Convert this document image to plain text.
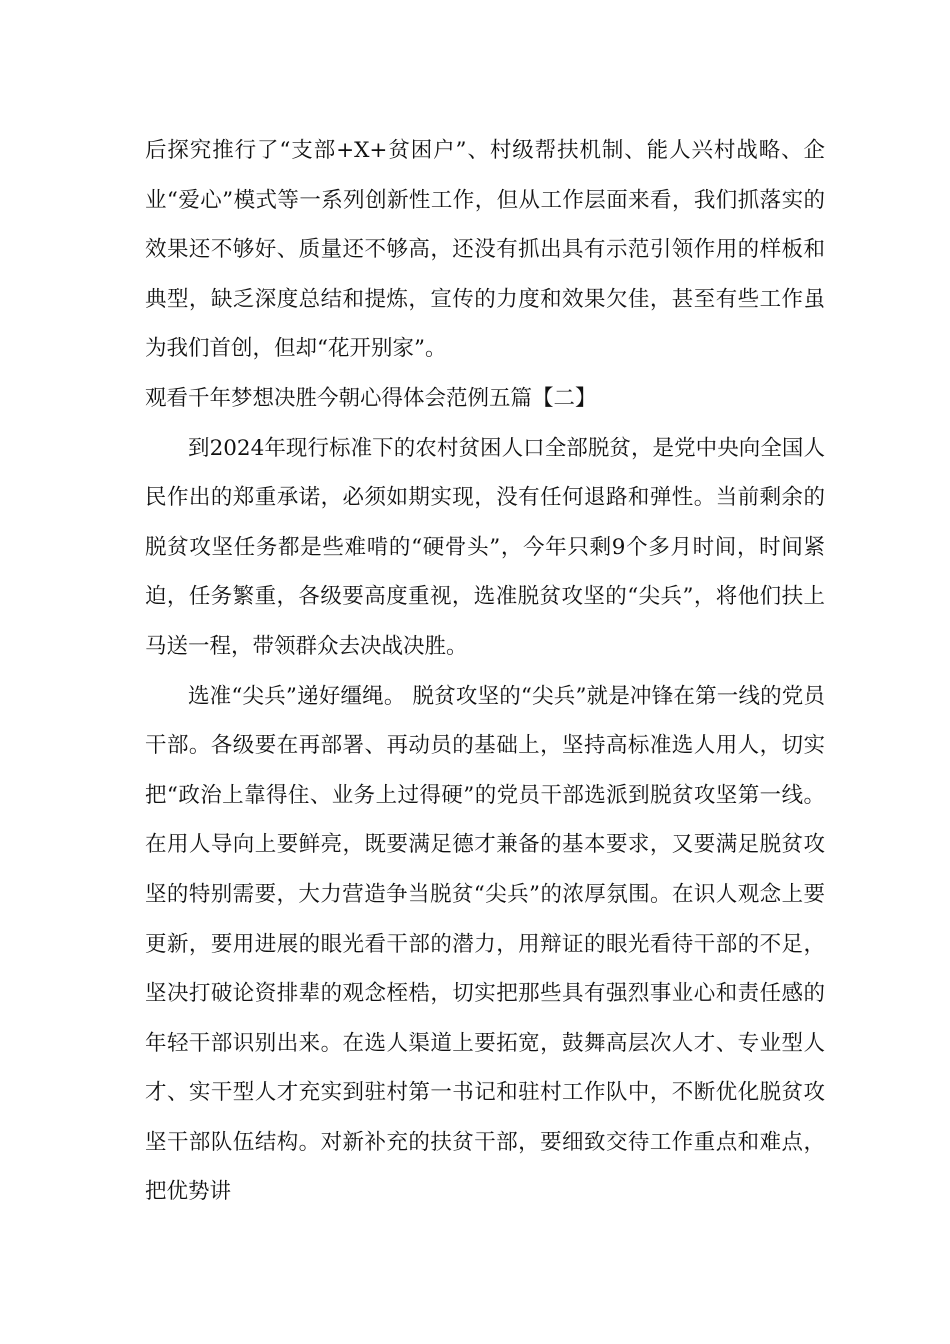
后探究推行了“支部+X+贫困户”、村级帮扶机制、能人兴村战略、企业“爱心”模式等一系列创新性工作，但从工作层面来看，我们抓落实的效果还不够好、质量还不够高，还没有抓出具有示范引领作用的样板和典型，缺乏深度总结和提炼，宣传的力度和效果欠佳，甚至有些工作虽为我们首创，但却“花开别家”。

观看千年梦想决胜今朝心得体会范例五篇【二】

到2024年现行标准下的农村贫困人口全部脱贫，是党中央向全国人民作出的郑重承诺，必须如期实现，没有任何退路和弹性。当前剩余的脱贫攻坚任务都是些难啃的“硬骨头”，今年只剩9个多月时间，时间紧迫，任务繁重，各级要高度重视，选准脱贫攻坚的“尖兵”，将他们扶上马送一程，带领群众去决战决胜。

选准“尖兵”递好缰绳。 脱贫攻坚的“尖兵”就是冲锋在第一线的党员干部。各级要在再部署、再动员的基础上，坚持高标准选人用人，切实把“政治上靠得住、业务上过得硬”的党员干部选派到脱贫攻坚第一线。在用人导向上要鲜亮，既要满足德才兼备的基本要求，又要满足脱贫攻坚的特别需要，大力营造争当脱贫“尖兵”的浓厚氛围。在识人观念上要更新，要用进展的眼光看干部的潜力，用辩证的眼光看待干部的不足，坚决打破论资排辈的观念桎梏，切实把那些具有强烈事业心和责任感的年轻干部识别出来。在选人渠道上要拓宽，鼓舞高层次人才、专业型人才、实干型人才充实到驻村第一书记和驻村工作队中，不断优化脱贫攻坚干部队伍结构。对新补充的扶贫干部，要细致交待工作重点和难点，把优势讲
